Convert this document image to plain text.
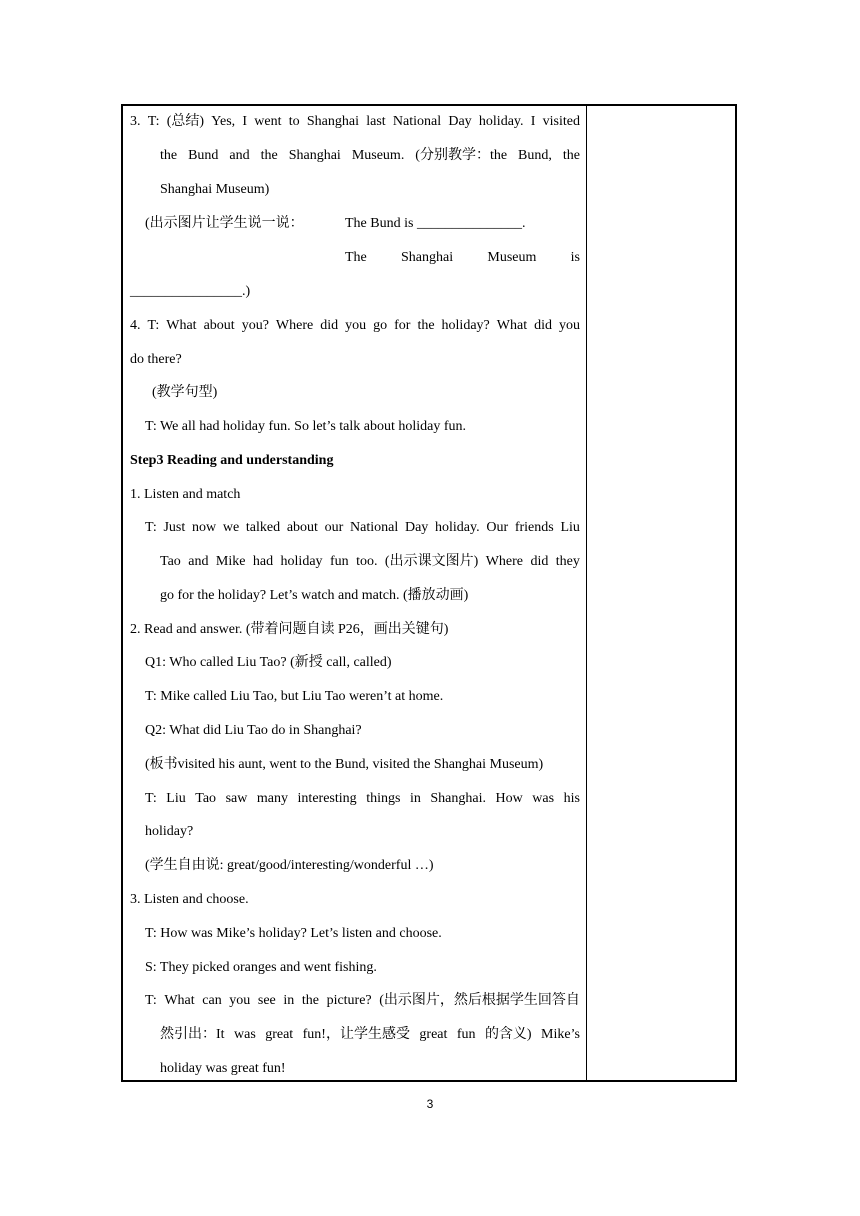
3. T: (总结) Yes, I went to Shanghai last National Day holiday. I visited
the Bund and the Shanghai Museum. (分别教学：the Bund, the
Shanghai Museum)
(出示图片让学生说一说：	The Bund is _______________.
The Shanghai Museum is
________________.)
4. T: What about you? Where did you go for the holiday? What did you
do there?
(教学句型)
T: We all had holiday fun. So let’s talk about holiday fun.
Step3 Reading and understanding
1. Listen and match
T: Just now we talked about our National Day holiday. Our friends Liu
Tao and Mike had holiday fun too. (出示课文图片) Where did they
go for the holiday? Let’s watch and match. (播放动画)
2. Read and answer. (带着问题自读 P26，画出关键句)
Q1: Who called Liu Tao? (新授 call, called)
T: Mike called Liu Tao, but Liu Tao weren’t at home.
Q2: What did Liu Tao do in Shanghai?
(板书visited his aunt, went to the Bund, visited the Shanghai Museum)
T: Liu Tao saw many interesting things in Shanghai. How was his
holiday?
(学生自由说: great/good/interesting/wonderful …)
3. Listen and choose.
T: How was Mike’s holiday? Let’s listen and choose.
S: They picked oranges and went fishing.
T: What can you see in the picture? (出示图片，然后根据学生回答自
然引出：It was great fun!，让学生感受 great fun 的含义) Mike’s
holiday was great fun!
3
